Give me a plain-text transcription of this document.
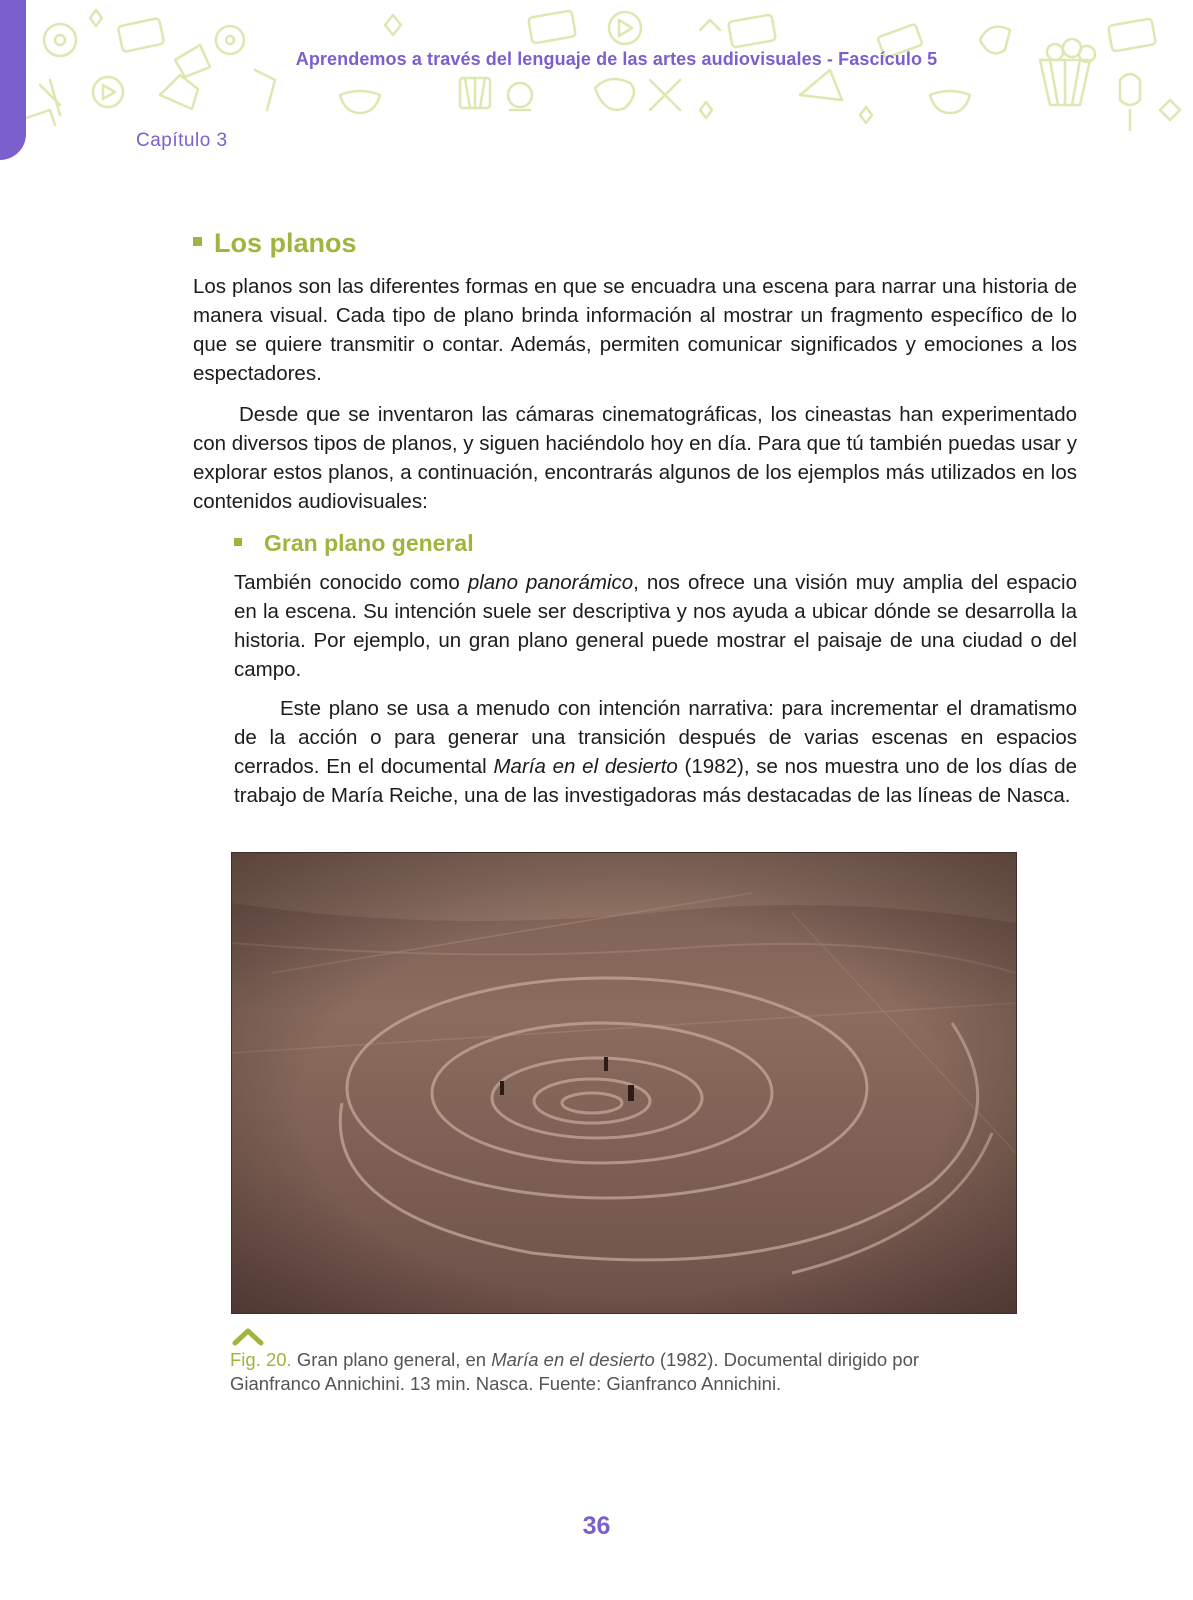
Aprendemos a través del lenguaje de las artes audiovisuales - Fascículo 5
Capítulo 3
Los planos

Los planos son las diferentes formas en que se encuadra una escena para narrar una historia de manera visual. Cada tipo de plano brinda información al mostrar un fragmento específico de lo que se quiere transmitir o contar. Además, permiten comunicar significados y emociones a los espectadores.

Desde que se inventaron las cámaras cinematográficas, los cineastas han experimentado con diversos tipos de planos, y siguen haciéndolo hoy en día. Para que tú también puedas usar y explorar estos planos, a continuación, encontrarás algunos de los ejemplos más utilizados en los contenidos audiovisuales:

Gran plano general

También conocido como plano panorámico, nos ofrece una visión muy amplia del espacio en la escena. Su intención suele ser descriptiva y nos ayuda a ubicar dónde se desarrolla la historia. Por ejemplo, un gran plano general puede mostrar el paisaje de una ciudad o del campo.

Este plano se usa a menudo con intención narrativa: para incrementar el dramatismo de la acción o para generar una transición después de varias escenas en espacios cerrados. En el documental María en el desierto (1982), se nos muestra uno de los días de trabajo de María Reiche, una de las investigadoras más destacadas de las líneas de Nasca.

Fig. 20. Gran plano general, en María en el desierto (1982). Documental dirigido por Gianfranco Annichini. 13 min. Nasca. Fuente: Gianfranco Annichini.
36
